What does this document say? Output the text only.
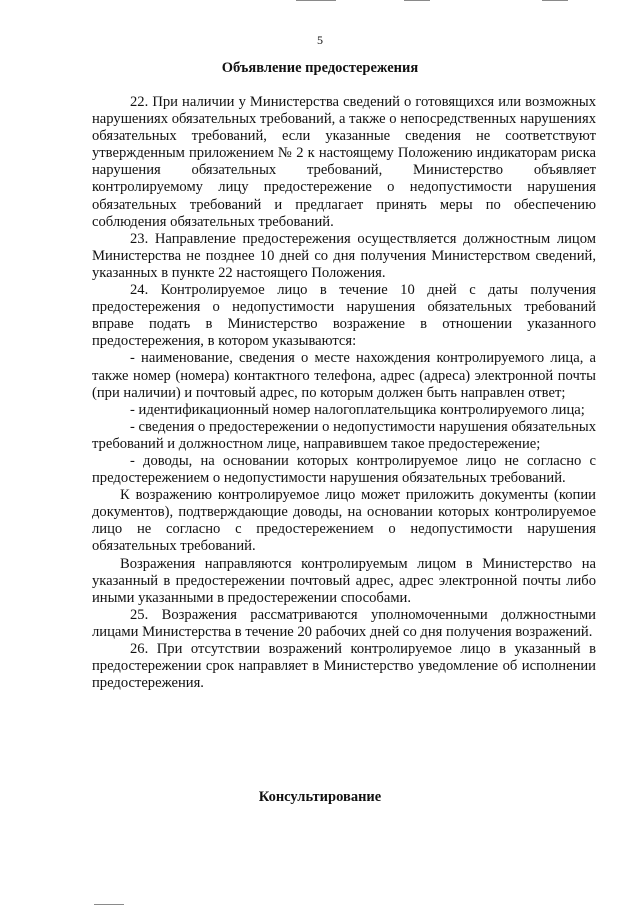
5
Объявление предостережения

22. При наличии у Министерства сведений о готовящихся или возможных нарушениях обязательных требований, а также о непосредственных нарушениях обязательных требований, если указанные сведения не соответствуют утвержденным приложением № 2 к настоящему Положению индикаторам риска нарушения обязательных требований, Министерство объявляет контролируемому лицу предостережение о недопустимости нарушения обязательных требований и предлагает принять меры по обеспечению соблюдения обязательных требований.

23. Направление предостережения осуществляется должностным лицом Министерства не позднее 10 дней со дня получения Министерством сведений, указанных в пункте 22 настоящего Положения.

24. Контролируемое лицо в течение 10 дней с даты получения предостережения о недопустимости нарушения обязательных требований вправе подать в Министерство возражение в отношении указанного предостережения, в котором указываются:

- наименование, сведения о месте нахождения контролируемого лица, а также номер (номера) контактного телефона, адрес (адреса) электронной почты (при наличии) и почтовый адрес, по которым должен быть направлен ответ;

- идентификационный номер налогоплательщика контролируемого лица;

- сведения о предостережении о недопустимости нарушения обязательных требований и должностном лице, направившем такое предостережение;

- доводы, на основании которых контролируемое лицо не согласно с предостережением о недопустимости нарушения обязательных требований.

К возражению контролируемое лицо может приложить документы (копии документов), подтверждающие доводы, на основании которых контролируемое лицо не согласно с предостережением о недопустимости нарушения обязательных требований.

Возражения направляются контролируемым лицом в Министерство на указанный в предостережении почтовый адрес, адрес электронной почты либо иными указанными в предостережении способами.

25. Возражения рассматриваются уполномоченными должностными лицами Министерства в течение 20 рабочих дней со дня получения возражений.

26. При отсутствии возражений контролируемое лицо в указанный в предостережении срок направляет в Министерство уведомление об исполнении предостережения.

Консультирование
